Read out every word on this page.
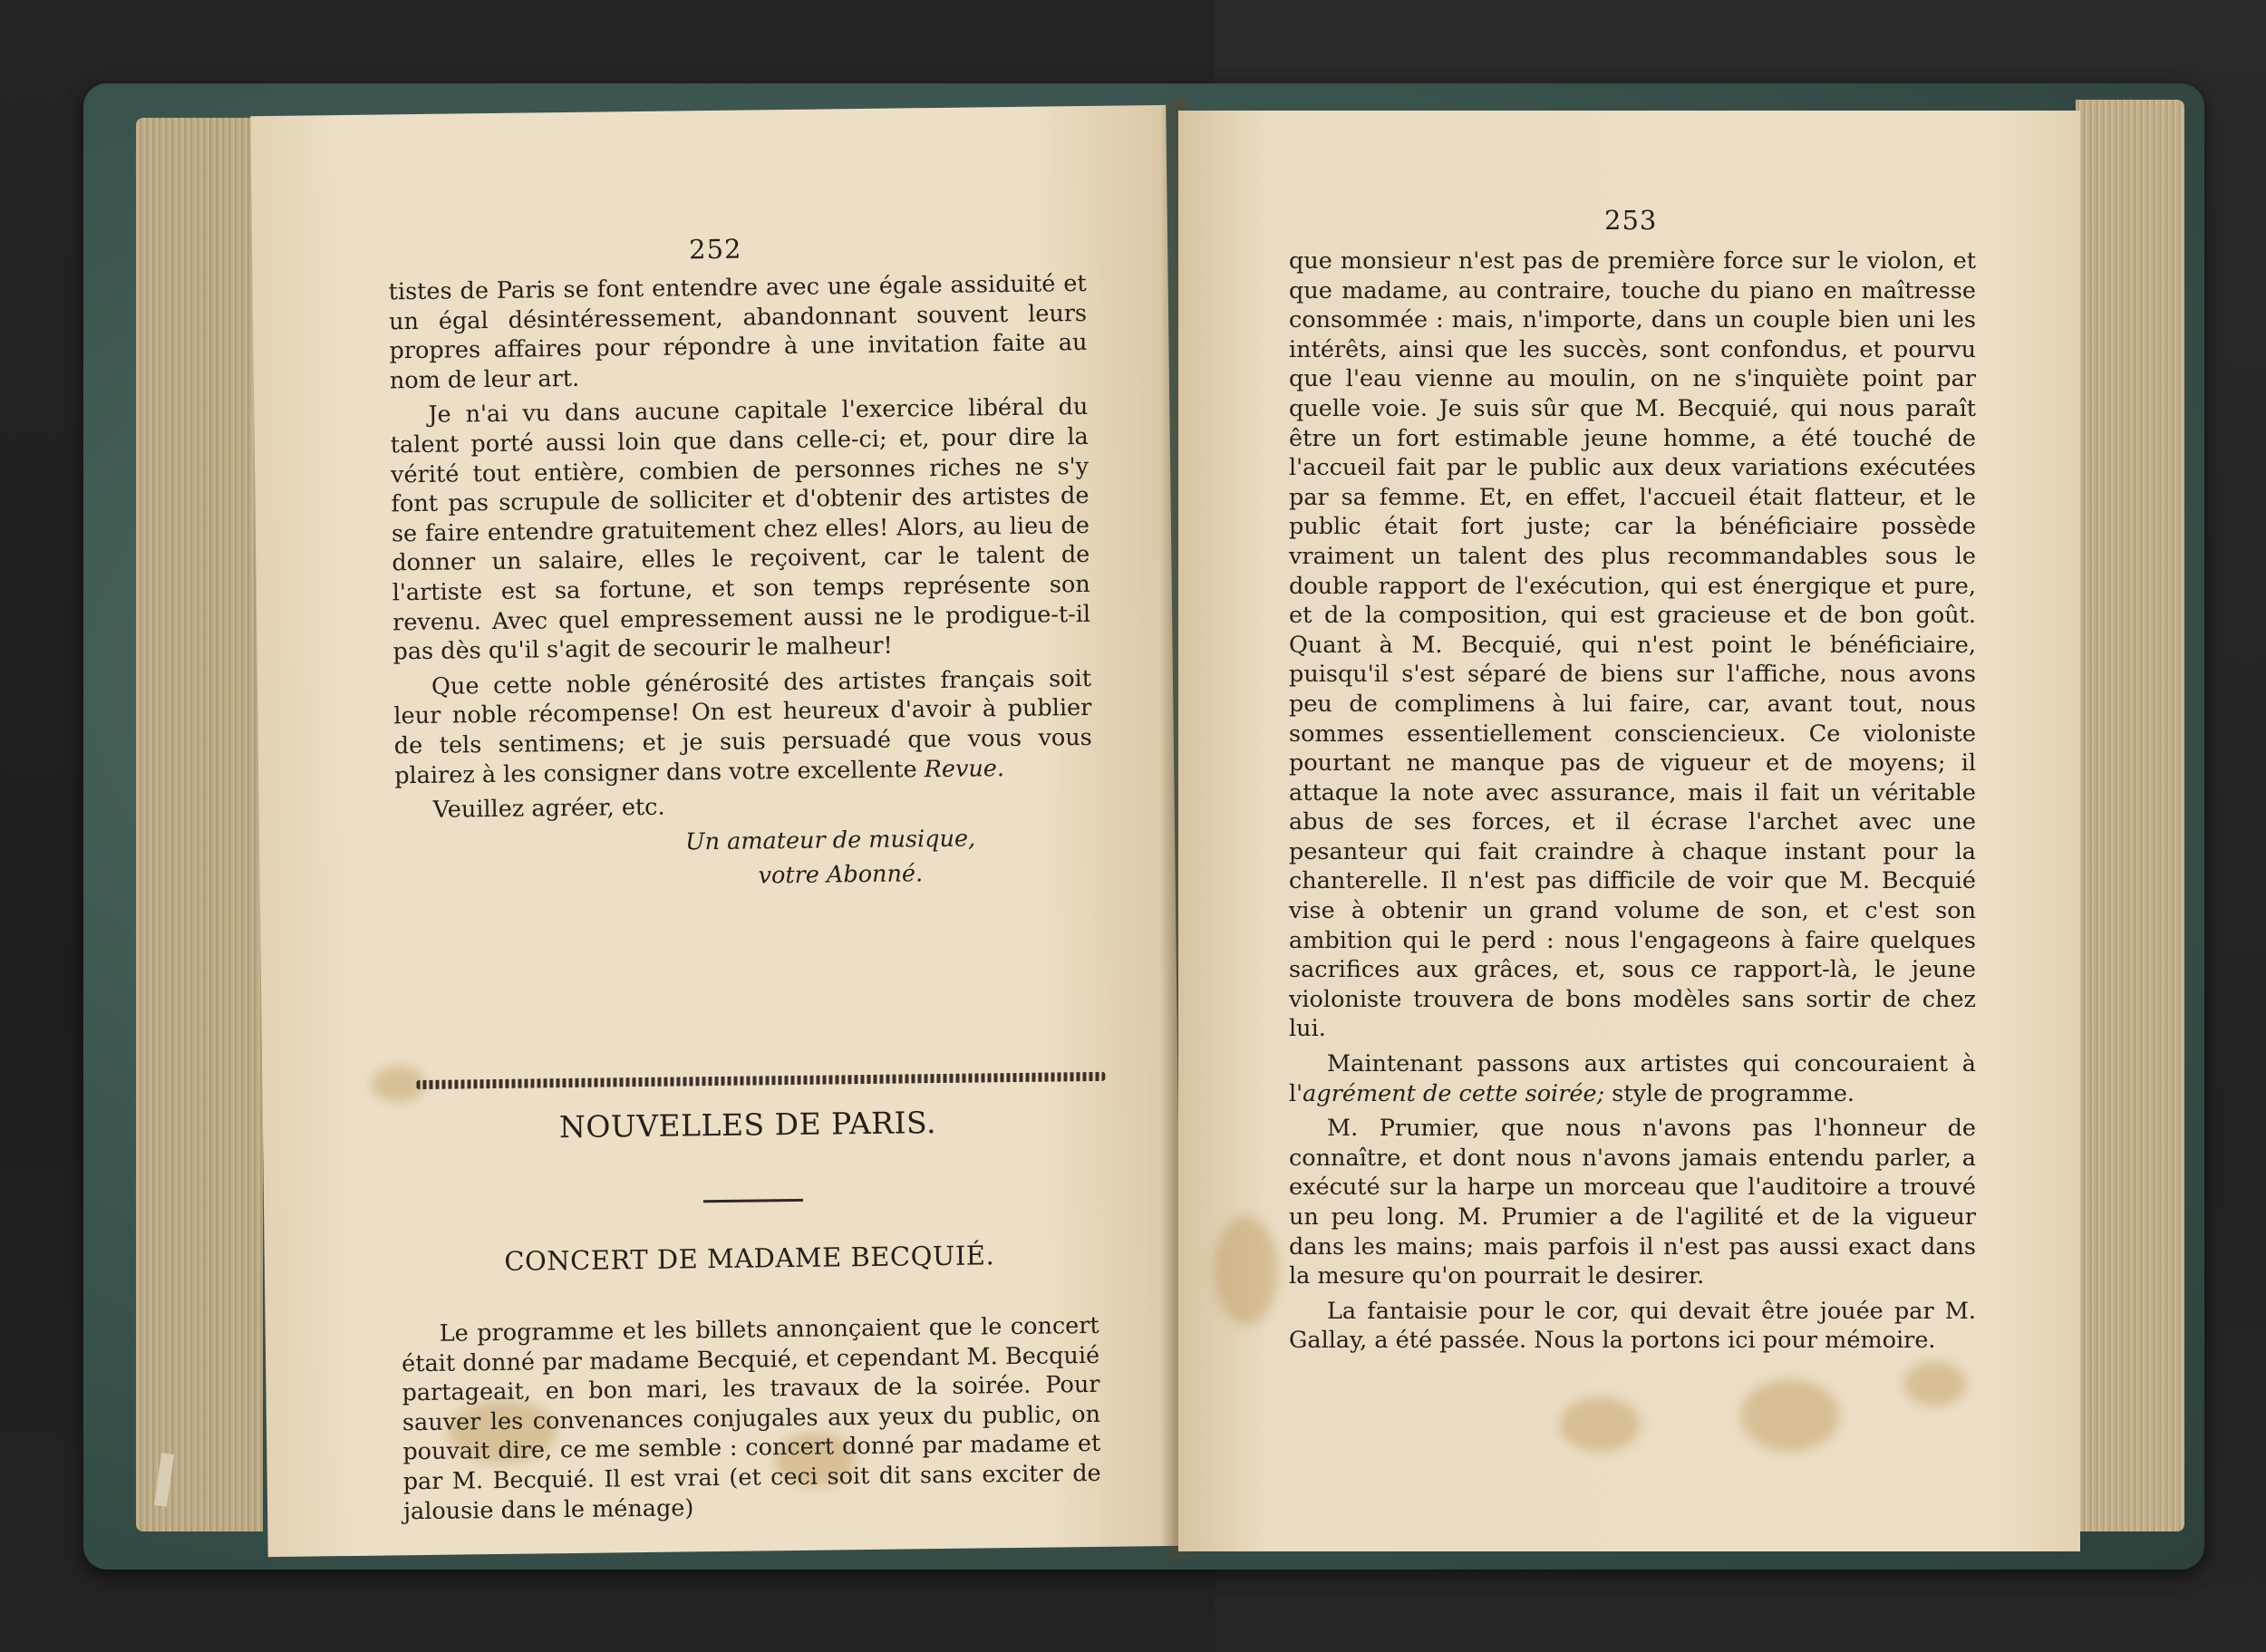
252

tistes de Paris se font entendre avec une égale assiduité et un égal désintéressement, abandonnant souvent leurs propres affaires pour répondre à une invitation faite au nom de leur art.

Je n'ai vu dans aucune capitale l'exercice libéral du talent porté aussi loin que dans celle-ci; et, pour dire la vérité tout entière, combien de personnes riches ne s'y font pas scrupule de solliciter et d'obtenir des artistes de se faire entendre gratuitement chez elles! Alors, au lieu de donner un salaire, elles le reçoivent, car le talent de l'artiste est sa fortune, et son temps représente son revenu. Avec quel empressement aussi ne le prodigue-t-il pas dès qu'il s'agit de secourir le malheur!

Que cette noble générosité des artistes français soit leur noble récompense! On est heureux d'avoir à publier de tels sentimens; et je suis persuadé que vous vous plairez à les consigner dans votre excellente Revue.

Veuillez agréer, etc.

Un amateur de musique,

votre Abonné.

NOUVELLES DE PARIS.
CONCERT DE MADAME BECQUIÉ.

Le programme et les billets annonçaient que le concert était donné par madame Becquié, et cependant M. Becquié partageait, en bon mari, les travaux de la soirée. Pour sauver les convenances conjugales aux yeux du public, on pouvait dire, ce me semble : concert donné par madame et par M. Becquié. Il est vrai (et ceci soit dit sans exciter de jalousie dans le ménage)

253

que monsieur n'est pas de première force sur le violon, et que madame, au contraire, touche du piano en maîtresse consommée : mais, n'importe, dans un couple bien uni les intérêts, ainsi que les succès, sont confondus, et pourvu que l'eau vienne au moulin, on ne s'inquiète point par quelle voie. Je suis sûr que M. Becquié, qui nous paraît être un fort estimable jeune homme, a été touché de l'accueil fait par le public aux deux variations exécutées par sa femme. Et, en effet, l'accueil était flatteur, et le public était fort juste; car la bénéficiaire possède vraiment un talent des plus recommandables sous le double rapport de l'exécution, qui est énergique et pure, et de la composition, qui est gracieuse et de bon goût. Quant à M. Becquié, qui n'est point le bénéficiaire, puisqu'il s'est séparé de biens sur l'affiche, nous avons peu de complimens à lui faire, car, avant tout, nous sommes essentiellement consciencieux. Ce violoniste pourtant ne manque pas de vigueur et de moyens; il attaque la note avec assurance, mais il fait un véritable abus de ses forces, et il écrase l'archet avec une pesanteur qui fait craindre à chaque instant pour la chanterelle. Il n'est pas difficile de voir que M. Becquié vise à obtenir un grand volume de son, et c'est son ambition qui le perd : nous l'engageons à faire quelques sacrifices aux grâces, et, sous ce rapport-là, le jeune violoniste trouvera de bons modèles sans sortir de chez lui.

Maintenant passons aux artistes qui concouraient à l'agrément de cette soirée; style de programme.

M. Prumier, que nous n'avons pas l'honneur de connaître, et dont nous n'avons jamais entendu parler, a exécuté sur la harpe un morceau que l'auditoire a trouvé un peu long. M. Prumier a de l'agilité et de la vigueur dans les mains; mais parfois il n'est pas aussi exact dans la mesure qu'on pourrait le desirer.

La fantaisie pour le cor, qui devait être jouée par M. Gallay, a été passée. Nous la portons ici pour mémoire.
